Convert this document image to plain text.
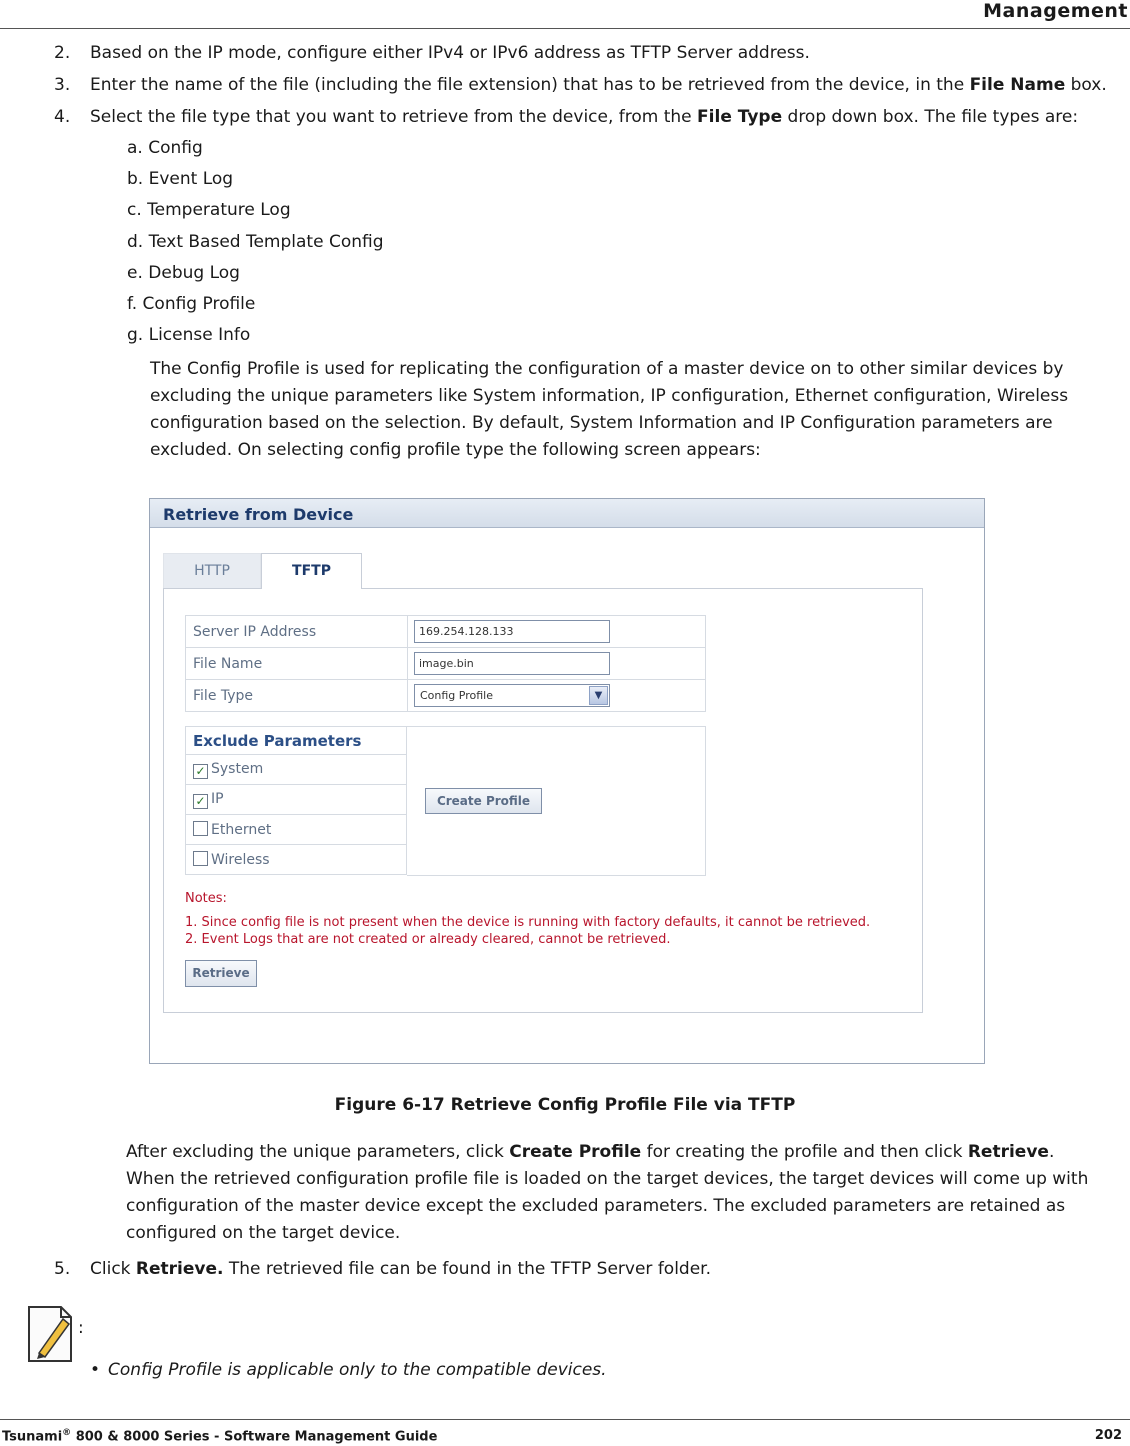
Management
2. Based on the IP mode, configure either IPv4 or IPv6 address as TFTP Server address.
3. Enter the name of the file (including the file extension) that has to be retrieved from the device, in the File Name box.
4. Select the file type that you want to retrieve from the device, from the File Type drop down box. The file types are:
a. Config
b. Event Log
c. Temperature Log
d. Text Based Template Config
e. Debug Log
f. Config Profile
g. License Info
The Config Profile is used for replicating the configuration of a master device on to other similar devices by
excluding the unique parameters like System information, IP configuration, Ethernet configuration, Wireless
configuration based on the selection. By default, System Information and IP Configuration parameters are
excluded. On selecting config profile type the following screen appears:
Retrieve from Device
HTTP	TFTP
Server IP Address	169.254.128.133
File Name	image.bin
File Type	Config Profile ▼
Exclude Parameters
✓ System
✓ IP
Ethernet
Wireless
Create Profile
Notes:
1. Since config file is not present when the device is running with factory defaults, it cannot be retrieved.
2. Event Logs that are not created or already cleared, cannot be retrieved.
Retrieve
Figure 6-17 Retrieve Config Profile File via TFTP
After excluding the unique parameters, click Create Profile for creating the profile and then click Retrieve.
When the retrieved configuration profile file is loaded on the target devices, the target devices will come up with
configuration of the master device except the excluded parameters. The excluded parameters are retained as
configured on the target device.
5. Click Retrieve. The retrieved file can be found in the TFTP Server folder.
:
• Config Profile is applicable only to the compatible devices.
Tsunami® 800 & 8000 Series - Software Management Guide	202
